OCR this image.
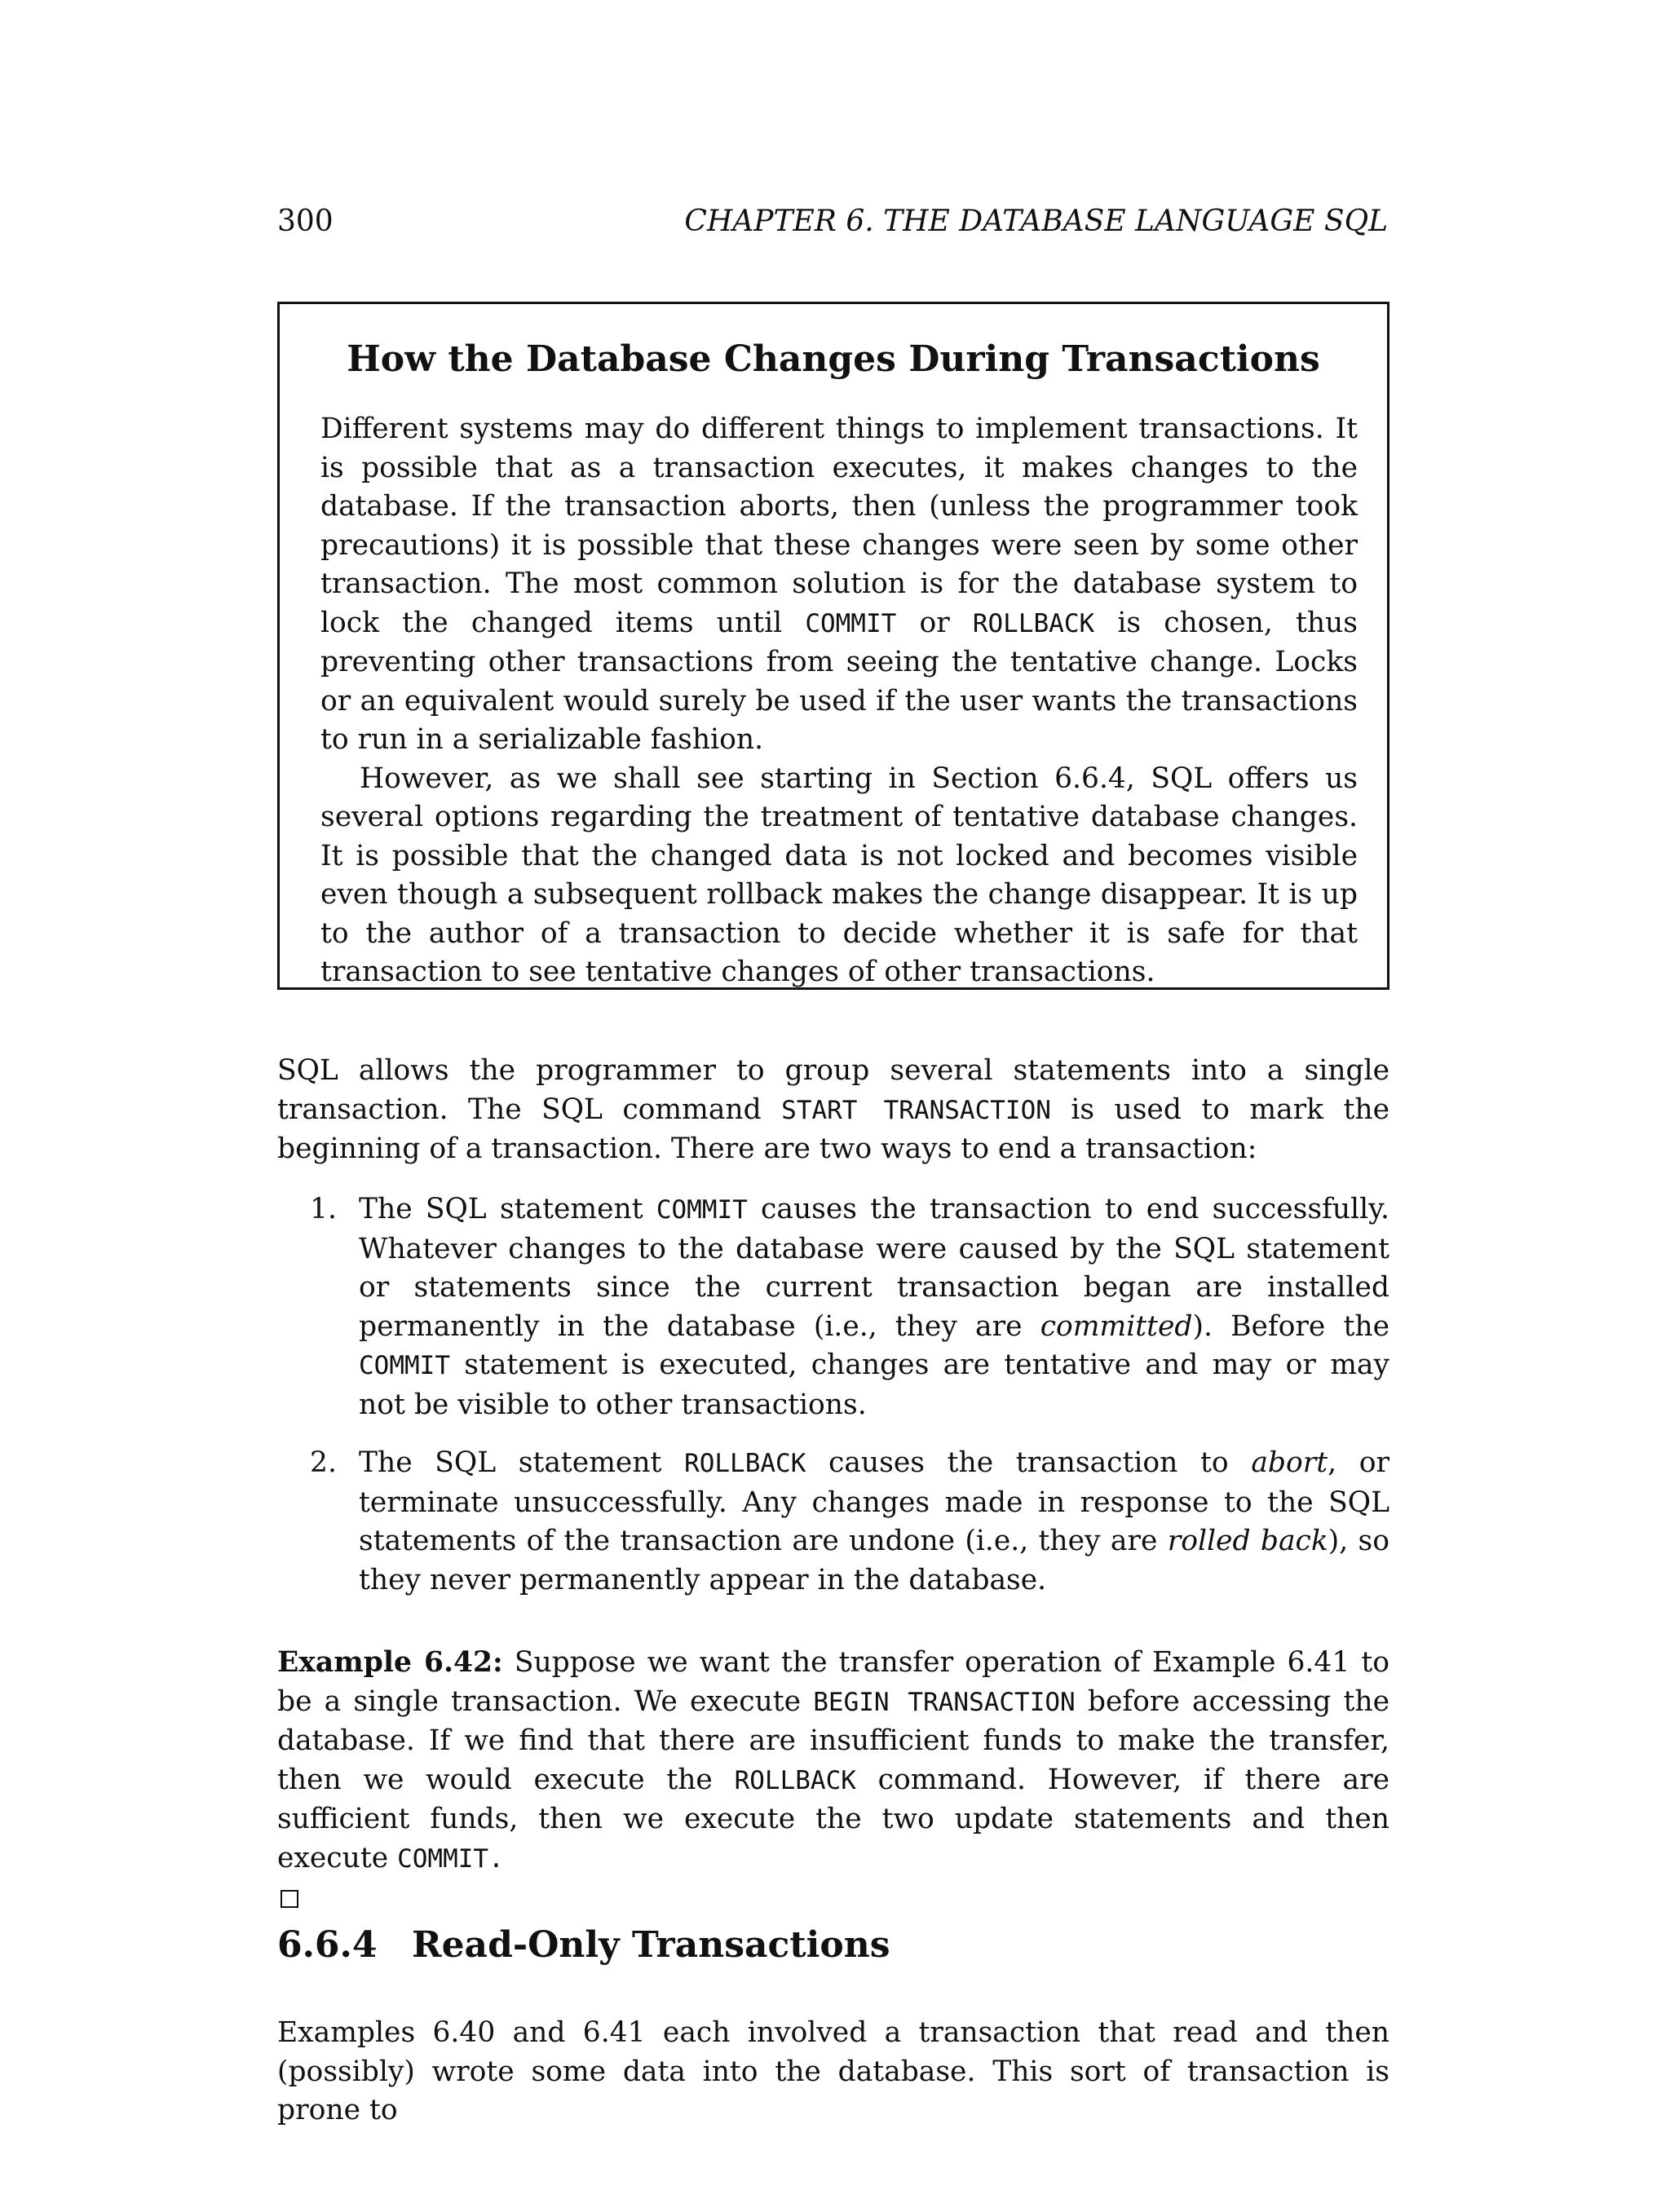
300	CHAPTER 6. THE DATABASE LANGUAGE SQL
How the Database Changes During Transactions

Different systems may do different things to implement transactions. It is possible that as a transaction executes, it makes changes to the database. If the transaction aborts, then (unless the programmer took precautions) it is possible that these changes were seen by some other transaction. The most common solution is for the database system to lock the changed items until COMMIT or ROLLBACK is chosen, thus preventing other transactions from seeing the tentative change. Locks or an equivalent would surely be used if the user wants the transactions to run in a serializable fashion.

However, as we shall see starting in Section 6.6.4, SQL offers us several options regarding the treatment of tentative database changes. It is possible that the changed data is not locked and becomes visible even though a subsequent rollback makes the change disappear. It is up to the author of a transaction to decide whether it is safe for that transaction to see tentative changes of other transactions.

SQL allows the programmer to group several statements into a single transaction. The SQL command START TRANSACTION is used to mark the beginning of a transaction. There are two ways to end a transaction:

1. The SQL statement COMMIT causes the transaction to end successfully. Whatever changes to the database were caused by the SQL statement or statements since the current transaction began are installed permanently in the database (i.e., they are committed). Before the COMMIT statement is executed, changes are tentative and may or may not be visible to other transactions.
2. The SQL statement ROLLBACK causes the transaction to abort, or terminate unsuccessfully. Any changes made in response to the SQL statements of the transaction are undone (i.e., they are rolled back), so they never permanently appear in the database.

Example 6.42: Suppose we want the transfer operation of Example 6.41 to be a single transaction. We execute BEGIN TRANSACTION before accessing the database. If we find that there are insufficient funds to make the transfer, then we would execute the ROLLBACK command. However, if there are sufficient funds, then we execute the two update statements and then execute COMMIT.

6.6.4 Read-Only Transactions

Examples 6.40 and 6.41 each involved a transaction that read and then (possibly) wrote some data into the database. This sort of transaction is prone to
